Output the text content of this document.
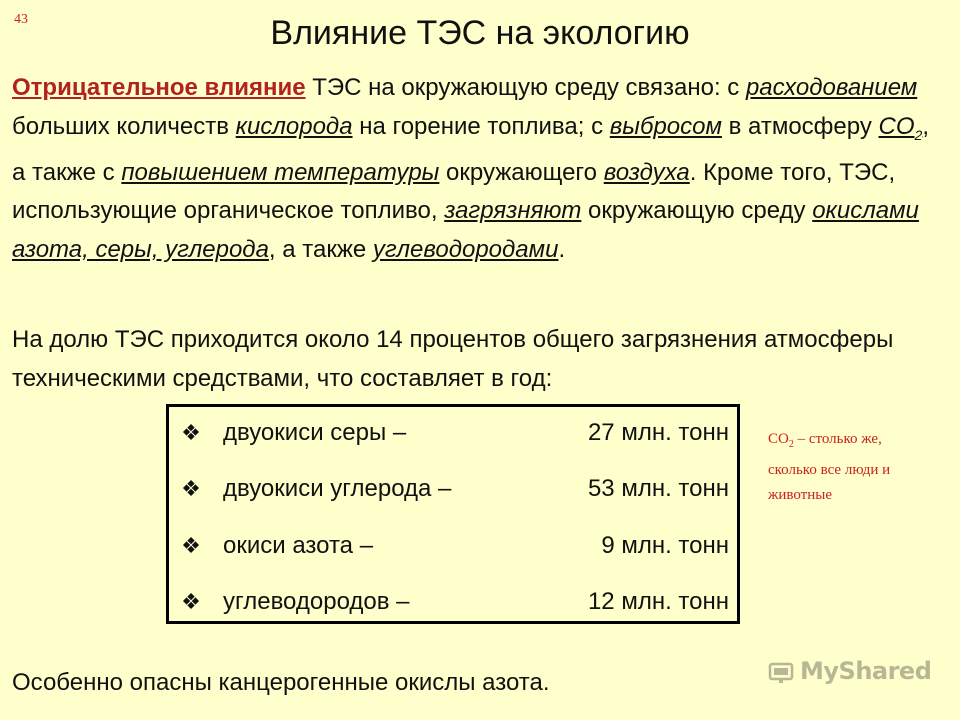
43	Влияние ТЭС на экологию

Отрицательное влияние ТЭС на окружающую среду связано: с расходованием больших количеств кислорода на горение топлива; с выбросом в атмосферу $CO_2$, а также с повышением температуры окружающего воздуха. Кроме того, ТЭС, использующие органическое топливо, загрязняют окружающую среду окислами азота, серы, углерода, а также углеводородами.

На долю ТЭС приходится около 14 процентов общего загрязнения атмосферы техническими средствами, что составляет в год:

❖ двуокиси серы –	27 млн. тонн
❖ двуокиси углерода –	53 млн. тонн
❖ окиси азота –	9 млн. тонн
❖ углеводородов –	12 млн. тонн
$CO_2$ – столько же, сколько все люди и животные

Особенно опасны канцерогенные окислы азота.	MyShared
